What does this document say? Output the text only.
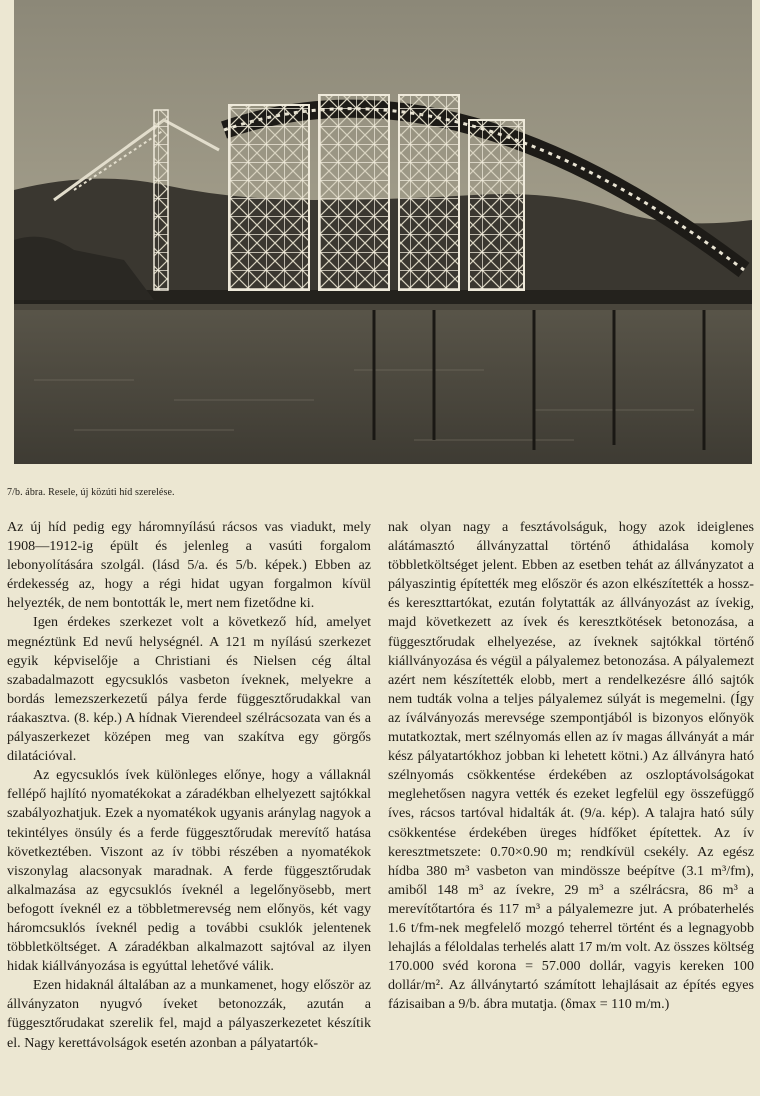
7/b. ábra. Resele, új közúti híd szerelése.

Az új híd pedig egy háromnyílású rácsos vas viadukt, mely 1908—1912-ig épült és jelenleg a vasúti forgalom lebonyolítására szolgál. (lásd 5/a. és 5/b. képek.) Ebben az érdekesség az, hogy a régi hidat ugyan forgalmon kívül helyezték, de nem bontották le, mert nem fizetődne ki.

Igen érdekes szerkezet volt a következő híd, amelyet megnéztünk Ed nevű helységnél. A 121 m nyílású szerkezet egyik képviselője a Christiani és Nielsen cég által szabadalmazott egycsuklós vasbeton íveknek, melyekre a bordás lemezszerkezetű pálya ferde függesztőrudakkal van ráakasztva. (8. kép.) A hídnak Vierendeel szélrácsozata van és a pályaszerkezet középen meg van szakítva egy görgős dilatációval.

Az egycsuklós ívek különleges előnye, hogy a vállaknál fellépő hajlító nyomatékokat a záradékban elhelyezett sajtókkal szabályozhatjuk. Ezek a nyomatékok ugyanis aránylag nagyok a tekintélyes önsúly és a ferde függesztőrudak merevítő hatása következtében. Viszont az ív többi részében a nyomatékok viszonylag alacsonyak maradnak. A ferde függesztőrudak alkalmazása az egycsuklós íveknél a legelőnyösebb, mert befogott íveknél ez a többletmerevség nem előnyös, két vagy háromcsuklós íveknél pedig a további csuklók jelentenek többletköltséget. A záradékban alkalmazott sajtóval az ilyen hidak kiállványozása is egyúttal lehetővé válik.

Ezen hidaknál általában az a munkamenet, hogy először az állványzaton nyugvó íveket betonozzák, azután a függesztőrudakat szerelik fel, majd a pályaszerkezetet készítik el. Nagy kerettávolságok esetén azonban a pályatartók-

nak olyan nagy a fesztávolságuk, hogy azok ideiglenes alátámasztó állványzattal történő áthidalása komoly többletköltséget jelent. Ebben az esetben tehát az állványzatot a pályaszintig építették meg először és azon elkészítették a hossz- és kereszttartókat, ezután folytatták az állványozást az ívekig, majd következett az ívek és keresztkötések betonozása, a függesztőrudak elhelyezése, az íveknek sajtókkal történő kiállványozása és végül a pályalemez betonozása. A pályalemezt azért nem készítették elobb, mert a rendelkezésre álló sajtók nem tudták volna a teljes pályalemez súlyát is megemelni. (Így az íválványozás merevsége szempontjából is bizonyos előnyök mutatkoztak, mert szélnyomás ellen az ív magas állványát a már kész pályatartókhoz jobban ki lehetett kötni.) Az állványra ható szélnyomás csökkentése érdekében az oszloptávolságokat meglehetősen nagyra vették és ezeket legfelül egy összefüggő íves, rácsos tartóval hidalták át. (9/a. kép). A talajra ható súly csökkentése érdekében üreges hídfőket építettek. Az ív keresztmetszete: 0.70×0.90 m; rendkívül csekély. Az egész hídba 380 m³ vasbeton van mindössze beépítve (3.1 m³/fm), amiből 148 m³ az ívekre, 29 m³ a szélrácsra, 86 m³ a merevítőtartóra és 117 m³ a pályalemezre jut. A próbaterhelés 1.6 t/fm-nek megfelelő mozgó teherrel történt és a legnagyobb lehajlás a féloldalas terhelés alatt 17 m/m volt. Az összes költség 170.000 svéd korona = 57.000 dollár, vagyis kereken 100 dollár/m². Az állványtartó számított lehajlásait az építés egyes fázisaiban a 9/b. ábra mutatja. (δmax = 110 m/m.)
